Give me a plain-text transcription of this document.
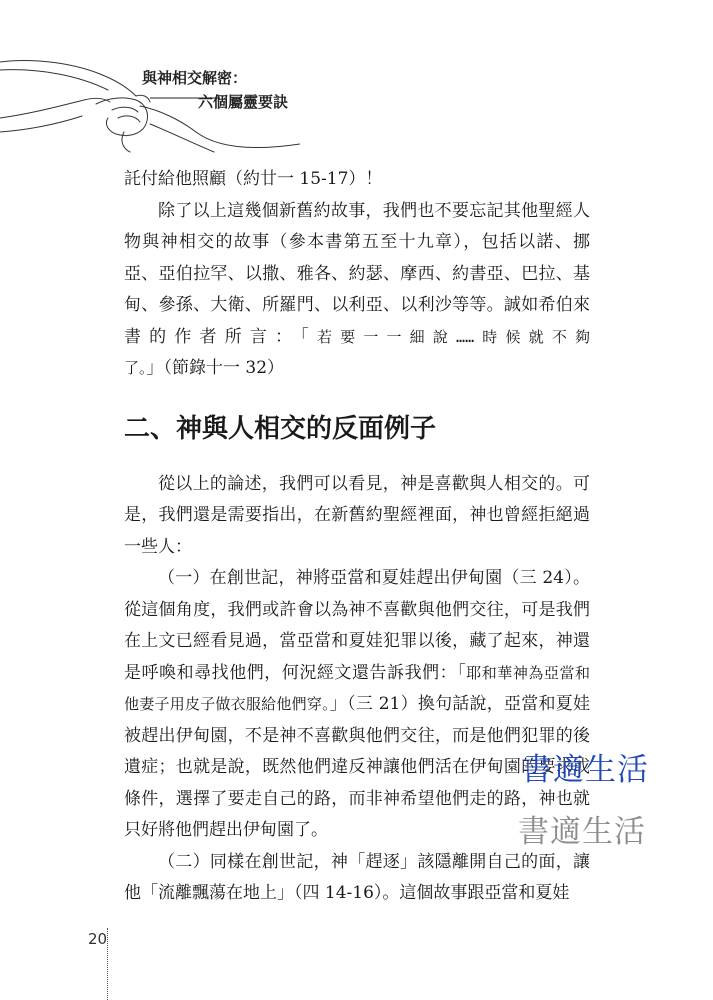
與神相交解密：
六個屬靈要訣

託付給他照顧（約廿一 15-17）！

除了以上這幾個新舊約故事，我們也不要忘記其他聖經人物與神相交的故事（參本書第五至十九章），包括以諾、挪亞、亞伯拉罕、以撒、雅各、約瑟、摩西、約書亞、巴拉、基甸、參孫、大衛、所羅門、以利亞、以利沙等等。誠如希伯來書的作者所言：「若要一一細說……時候就不夠了。」（節錄十一 32）

二、神與人相交的反面例子

從以上的論述，我們可以看見，神是喜歡與人相交的。可是，我們還是需要指出，在新舊約聖經裡面，神也曾經拒絕過一些人：

（一）在創世記，神將亞當和夏娃趕出伊甸園（三 24）。從這個角度，我們或許會以為神不喜歡與他們交往，可是我們在上文已經看見過，當亞當和夏娃犯罪以後，藏了起來，神還是呼喚和尋找他們，何況經文還告訴我們：「耶和華神為亞當和他妻子用皮子做衣服給他們穿。」（三 21）換句話說，亞當和夏娃被趕出伊甸園，不是神不喜歡與他們交往，而是他們犯罪的後遺症；也就是說，既然他們違反神讓他們活在伊甸園的要求或條件，選擇了要走自己的路，而非神希望他們走的路，神也就只好將他們趕出伊甸園了。

（二）同樣在創世記，神「趕逐」該隱離開自己的面，讓他「流離飄蕩在地上」（四 14-16）。這個故事跟亞當和夏娃

書適生活
書適生活
20
